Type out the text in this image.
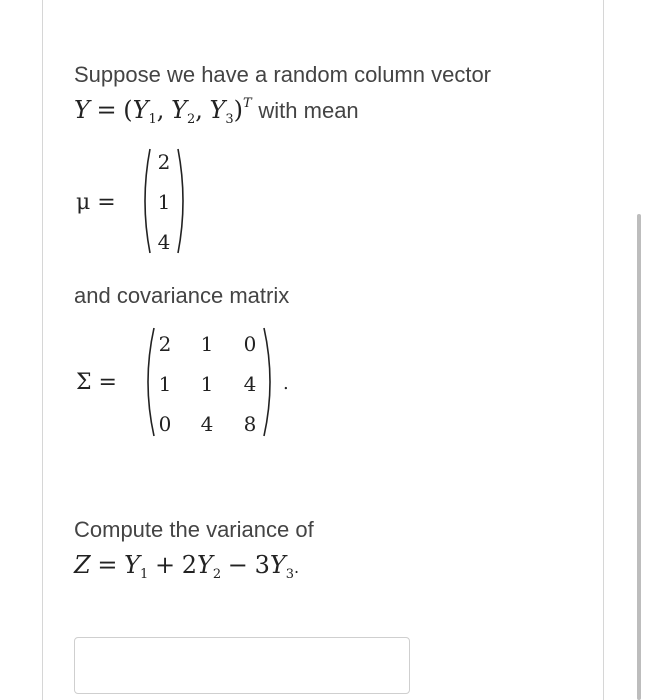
Suppose we have a random column vector
$Y = (Y_1$, $Y_2$, $Y_3)^T$ with mean
μ =
2
1
4
and covariance matrix
Σ =
2 1 0
1 1 4
0 4 8
.
Compute the variance of
$Z = Y_1 + 2Y_2 - 3Y_3$.
